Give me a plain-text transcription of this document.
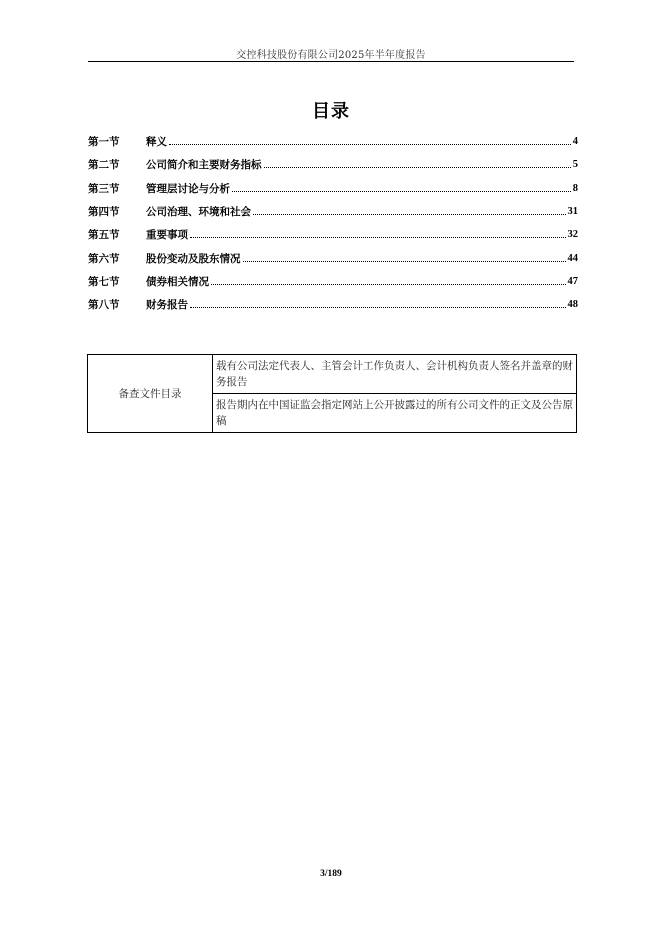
交控科技股份有限公司2025年半年度报告
目录
第一节	释义	4
第二节	公司简介和主要财务指标	5
第三节	管理层讨论与分析	8
第四节	公司治理、环境和社会	31
第五节	重要事项	32
第六节	股份变动及股东情况	44
第七节	债券相关情况	47
第八节	财务报告	48
备查文件目录	载有公司法定代表人、主管会计工作负责人、会计机构负责人签名并盖章的财务报告
报告期内在中国证监会指定网站上公开披露过的所有公司文件的正文及公告原稿
3/189
